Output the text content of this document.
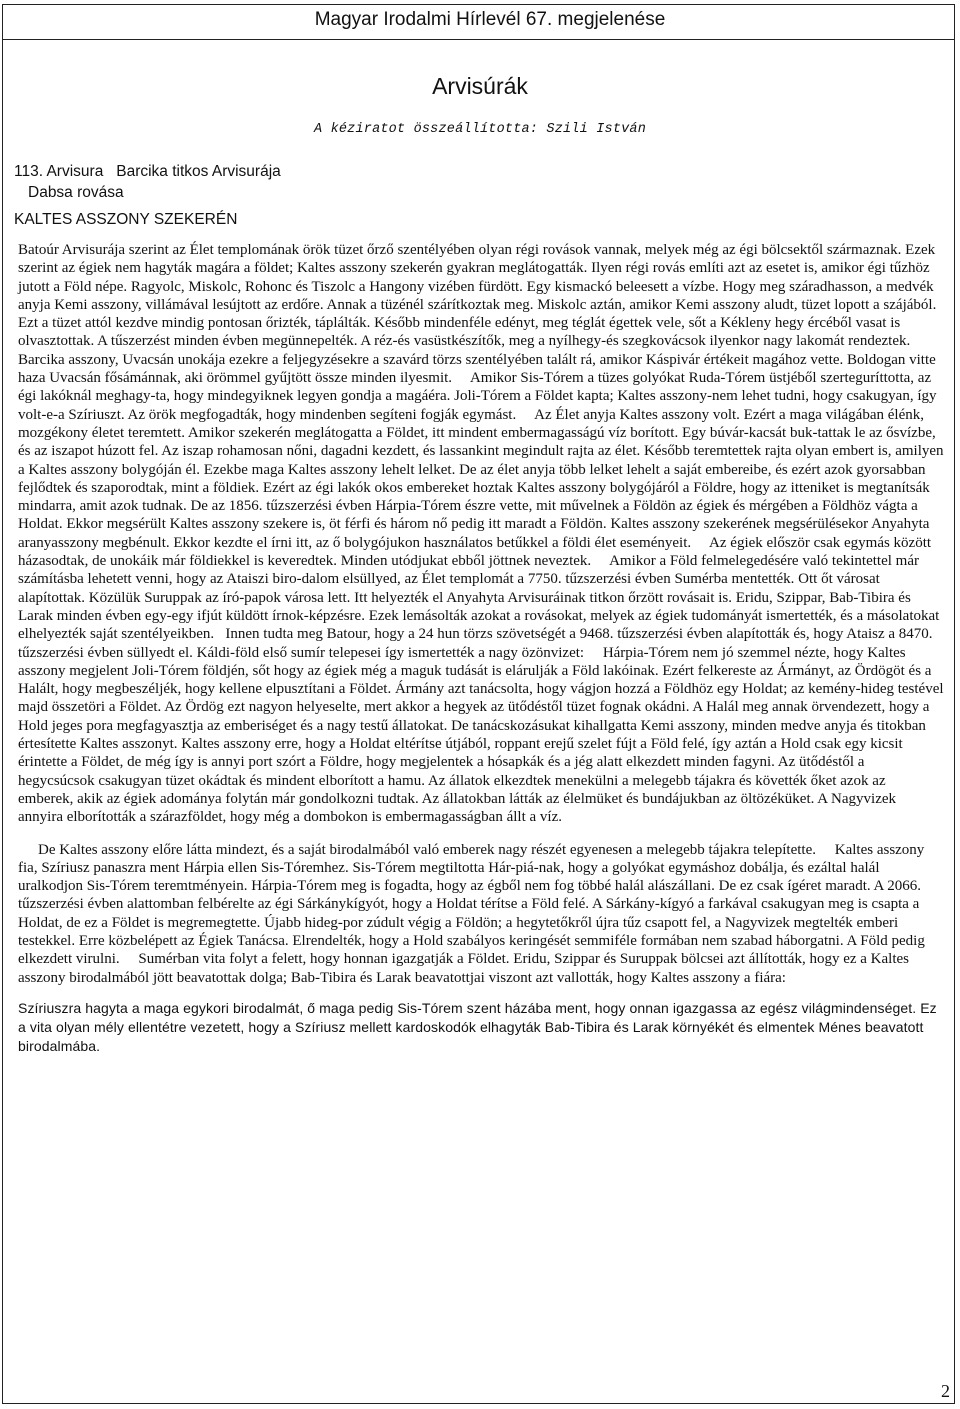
Magyar Irodalmi Hírlevél 67. megjelenése
Arvisúrák
A kéziratot összeállította: Szili István
113. Arvisura   Barcika titkos Arvisurája
Dabsa rovása
KALTES ASSZONY SZEKERÉN

Batoúr Arvisurája szerint az Élet templomának örök tüzet őrző szentélyében olyan régi rovások vannak, melyek még az égi bölcsektől származnak. Ezek szerint az égiek nem hagyták magára a földet; Kaltes asszony szekerén gyakran meglátogatták. Ilyen régi rovás említi azt az esetet is, amikor égi tűzhöz jutott a Föld népe. Ragyolc, Miskolc, Rohonc és Tiszolc a Hangony vizében fürdött. Egy kismackó beleesett a vízbe. Hogy meg száradhasson, a medvék anyja Kemi asszony, villámával lesújtott az erdőre. Annak a tüzénél szárítkoztak meg. Miskolc aztán, amikor Kemi asszony aludt, tüzet lopott a szájából. Ezt a tüzet attól kezdve mindig pontosan őrizték, táplálták. Később mindenféle edényt, meg téglát égettek vele, sőt a Kékleny hegy ércéből vasat is olvasztottak. A tűszerzést minden évben megünnepelték. A réz-és vasüstkészítők, meg a nyílhegy-és szegkovácsok ilyenkor nagy lakomát rendeztek.     Barcika asszony, Uvacsán unokája ezekre a feljegyzésekre a szavárd törzs szentélyében talált rá, amikor Káspivár értékeit magához vette. Boldogan vitte haza Uvacsán fősámánnak, aki örömmel gyűjtött össze minden ilyesmit.     Amikor Sis-Tórem a tüzes golyókat Ruda-Tórem üstjéből szerteguríttotta, az égi lakóknál meghagy-ta, hogy mindegyiknek legyen gondja a magáéra. Joli-Tórem a Földet kapta; Kaltes asszony-nem lehet tudni, hogy csakugyan, így volt-e-a Szíriuszt. Az örök megfogadták, hogy mindenben segíteni fogják egymást.     Az Élet anyja Kaltes asszony volt. Ezért a maga világában élénk, mozgékony életet teremtett. Amikor szekerén meglátogatta a Földet, itt mindent embermagasságú víz borított. Egy búvár-kacsát buk-tattak le az ősvízbe, és az iszapot húzott fel. Az iszap rohamosan nőni, dagadni kezdett, és lassankint megindult rajta az élet. Később teremtettek rajta olyan embert is, amilyen a Kaltes asszony bolygóján él. Ezekbe maga Kaltes asszony lehelt lelket. De az élet anyja több lelket lehelt a saját embereibe, és ezért azok gyorsabban fejlődtek és szaporodtak, mint a földiek. Ezért az égi lakók okos embereket hoztak Kaltes asszony bolygójáról a Földre, hogy az itteniket is megtanítsák mindarra, amit azok tudnak. De az 1856. tűzszerzési évben Hárpia-Tórem észre vette, mit művelnek a Földön az égiek és mérgében a Földhöz vágta a Holdat. Ekkor megsérült Kaltes asszony szekere is, öt férfi és három nő pedig itt maradt a Földön. Kaltes asszony szekerének megsérülésekor Anyahyta aranyasszony megbénult. Ekkor kezdte el írni itt, az ő bolygójukon használatos betűkkel a földi élet eseményeit.     Az égiek először csak egymás között házasodtak, de unokáik már földiekkel is keveredtek. Minden utódjukat ebből jöttnek neveztek.     Amikor a Föld felmelegedésére való tekintettel már számításba lehetett venni, hogy az Ataiszi biro-dalom elsüllyed, az Élet templomát a 7750. tűzszerzési évben Sumérba mentették. Ott őt városat alapítottak. Közülük Suruppak az író-papok városa lett. Itt helyezték el Anyahyta Arvisuráinak titkon őrzött rovásait is. Eridu, Szippar, Bab-Tibira és Larak minden évben egy-egy ifjút küldött írnok-képzésre. Ezek lemásolták azokat a rovásokat, melyek az égiek tudományát ismertették, és a másolatokat elhelyezték saját szentélyeikben.   Innen tudta meg Batour, hogy a 24 hun törzs szövetségét a 9468. tűzszerzési évben alapították és, hogy Ataisz a 8470. tűzszerzési évben süllyedt el. Káldi-föld első sumír telepesei így ismertették a nagy özönvizet:     Hárpia-Tórem nem jó szemmel nézte, hogy Kaltes asszony megjelent Joli-Tórem földjén, sőt hogy az égiek még a maguk tudását is elárulják a Föld lakóinak. Ezért felkereste az Ármányt, az Ördögöt és a Halált, hogy megbeszéljék, hogy kellene elpusztítani a Földet. Ármány azt tanácsolta, hogy vágjon hozzá a Földhöz egy Holdat; az kemény-hideg testével majd összetöri a Földet. Az Ördög ezt nagyon helyeselte, mert akkor a hegyek az ütődéstől tüzet fognak okádni. A Halál meg annak örvendezett, hogy a Hold jeges pora megfagyasztja az emberiséget és a nagy testű állatokat. De tanácskozásukat kihallgatta Kemi asszony, minden medve anyja és titokban értesítette Kaltes asszonyt. Kaltes asszony erre, hogy a Holdat eltérítse útjából, roppant erejű szelet fújt a Föld felé, így aztán a Hold csak egy kicsit érintette a Földet, de még így is annyi port szórt a Földre, hogy megjelentek a hósapkák és a jég alatt elkezdett minden fagyni. Az ütődéstől a hegycsúcsok csakugyan tüzet okádtak és mindent elborított a hamu. Az állatok elkezdtek menekülni a melegebb tájakra és követték őket azok az emberek, akik az égiek adománya folytán már gondolkozni tudtak. Az állatokban látták az élelmüket és bundájukban az öltözéküket. A Nagyvizek annyira elborították a szárazföldet, hogy még a dombokon is embermagasságban állt a víz.

De Kaltes asszony előre látta mindezt, és a saját birodalmából való emberek nagy részét egyenesen a melegebb tájakra telepítette.     Kaltes asszony fia, Szíriusz panaszra ment Hárpia ellen Sis-Tóremhez. Sis-Tórem megtiltotta Hár-piá-nak, hogy a golyókat egymáshoz dobálja, és ezáltal halál uralkodjon Sis-Tórem teremtményein. Hárpia-Tórem meg is fogadta, hogy az égből nem fog többé halál alászállani. De ez csak ígéret maradt. A 2066. tűzszerzési évben alattomban felbérelte az égi Sárkánykígyót, hogy a Holdat térítse a Föld felé. A Sárkány-kígyó a farkával csakugyan meg is csapta a Holdat, de ez a Földet is megremegtette. Újabb hideg-por zúdult végig a Földön; a hegytetőkről újra tűz csapott fel, a Nagyvizek megtelték emberi testekkel. Erre közbelépett az Égiek Tanácsa. Elrendelték, hogy a Hold szabályos keringését semmiféle formában nem szabad háborgatni. A Föld pedig elkezdett virulni.     Sumérban vita folyt a felett, hogy honnan igazgatják a Földet. Eridu, Szippar és Suruppak bölcsei azt állították, hogy ez a Kaltes asszony birodalmából jött beavatottak dolga; Bab-Tibira és Larak beavatottjai viszont azt vallották, hogy Kaltes asszony a fiára:

Szíriuszra hagyta a maga egykori birodalmát, ő maga pedig Sis-Tórem szent házába ment, hogy onnan igazgassa az egész világmindenséget. Ez a vita olyan mély ellentétre vezetett, hogy a Szíriusz mellett kardoskodók elhagyták Bab-Tibira és Larak környékét és elmentek Ménes beavatott birodalmába.

2
